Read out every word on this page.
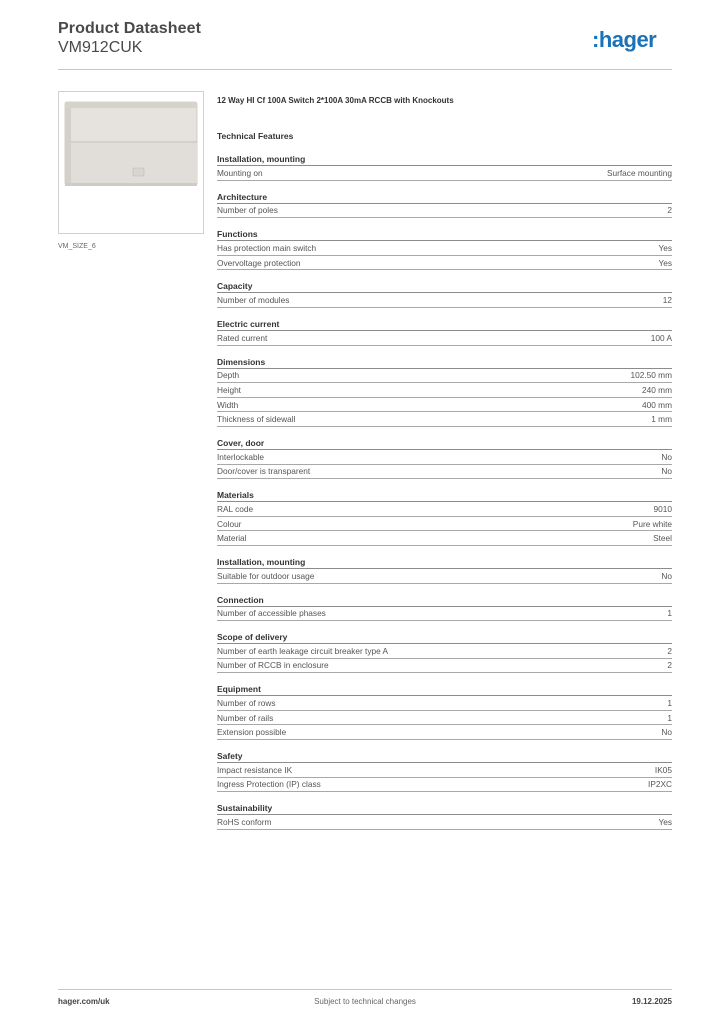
Product Datasheet
VM912CUK	:hager
VM_SIZE_6
12 Way HI Cf 100A Switch 2*100A 30mA RCCB with Knockouts
Technical Features
Installation, mounting
Mounting on	Surface mounting
Architecture
Number of poles	2
Functions
Has protection main switch	Yes
Overvoltage protection	Yes
Capacity
Number of modules	12
Electric current
Rated current	100 A
Dimensions
Depth	102.50 mm
Height	240 mm
Width	400 mm
Thickness of sidewall	1 mm
Cover, door
Interlockable	No
Door/cover is transparent	No
Materials
RAL code	9010
Colour	Pure white
Material	Steel
Installation, mounting
Suitable for outdoor usage	No
Connection
Number of accessible phases	1
Scope of delivery
Number of earth leakage circuit breaker type A	2
Number of RCCB in enclosure	2
Equipment
Number of rows	1
Number of rails	1
Extension possible	No
Safety
Impact resistance IK	IK05
Ingress Protection (IP) class	IP2XC
Sustainability
RoHS conform	Yes
hager.com/uk	Subject to technical changes	19.12.2025
